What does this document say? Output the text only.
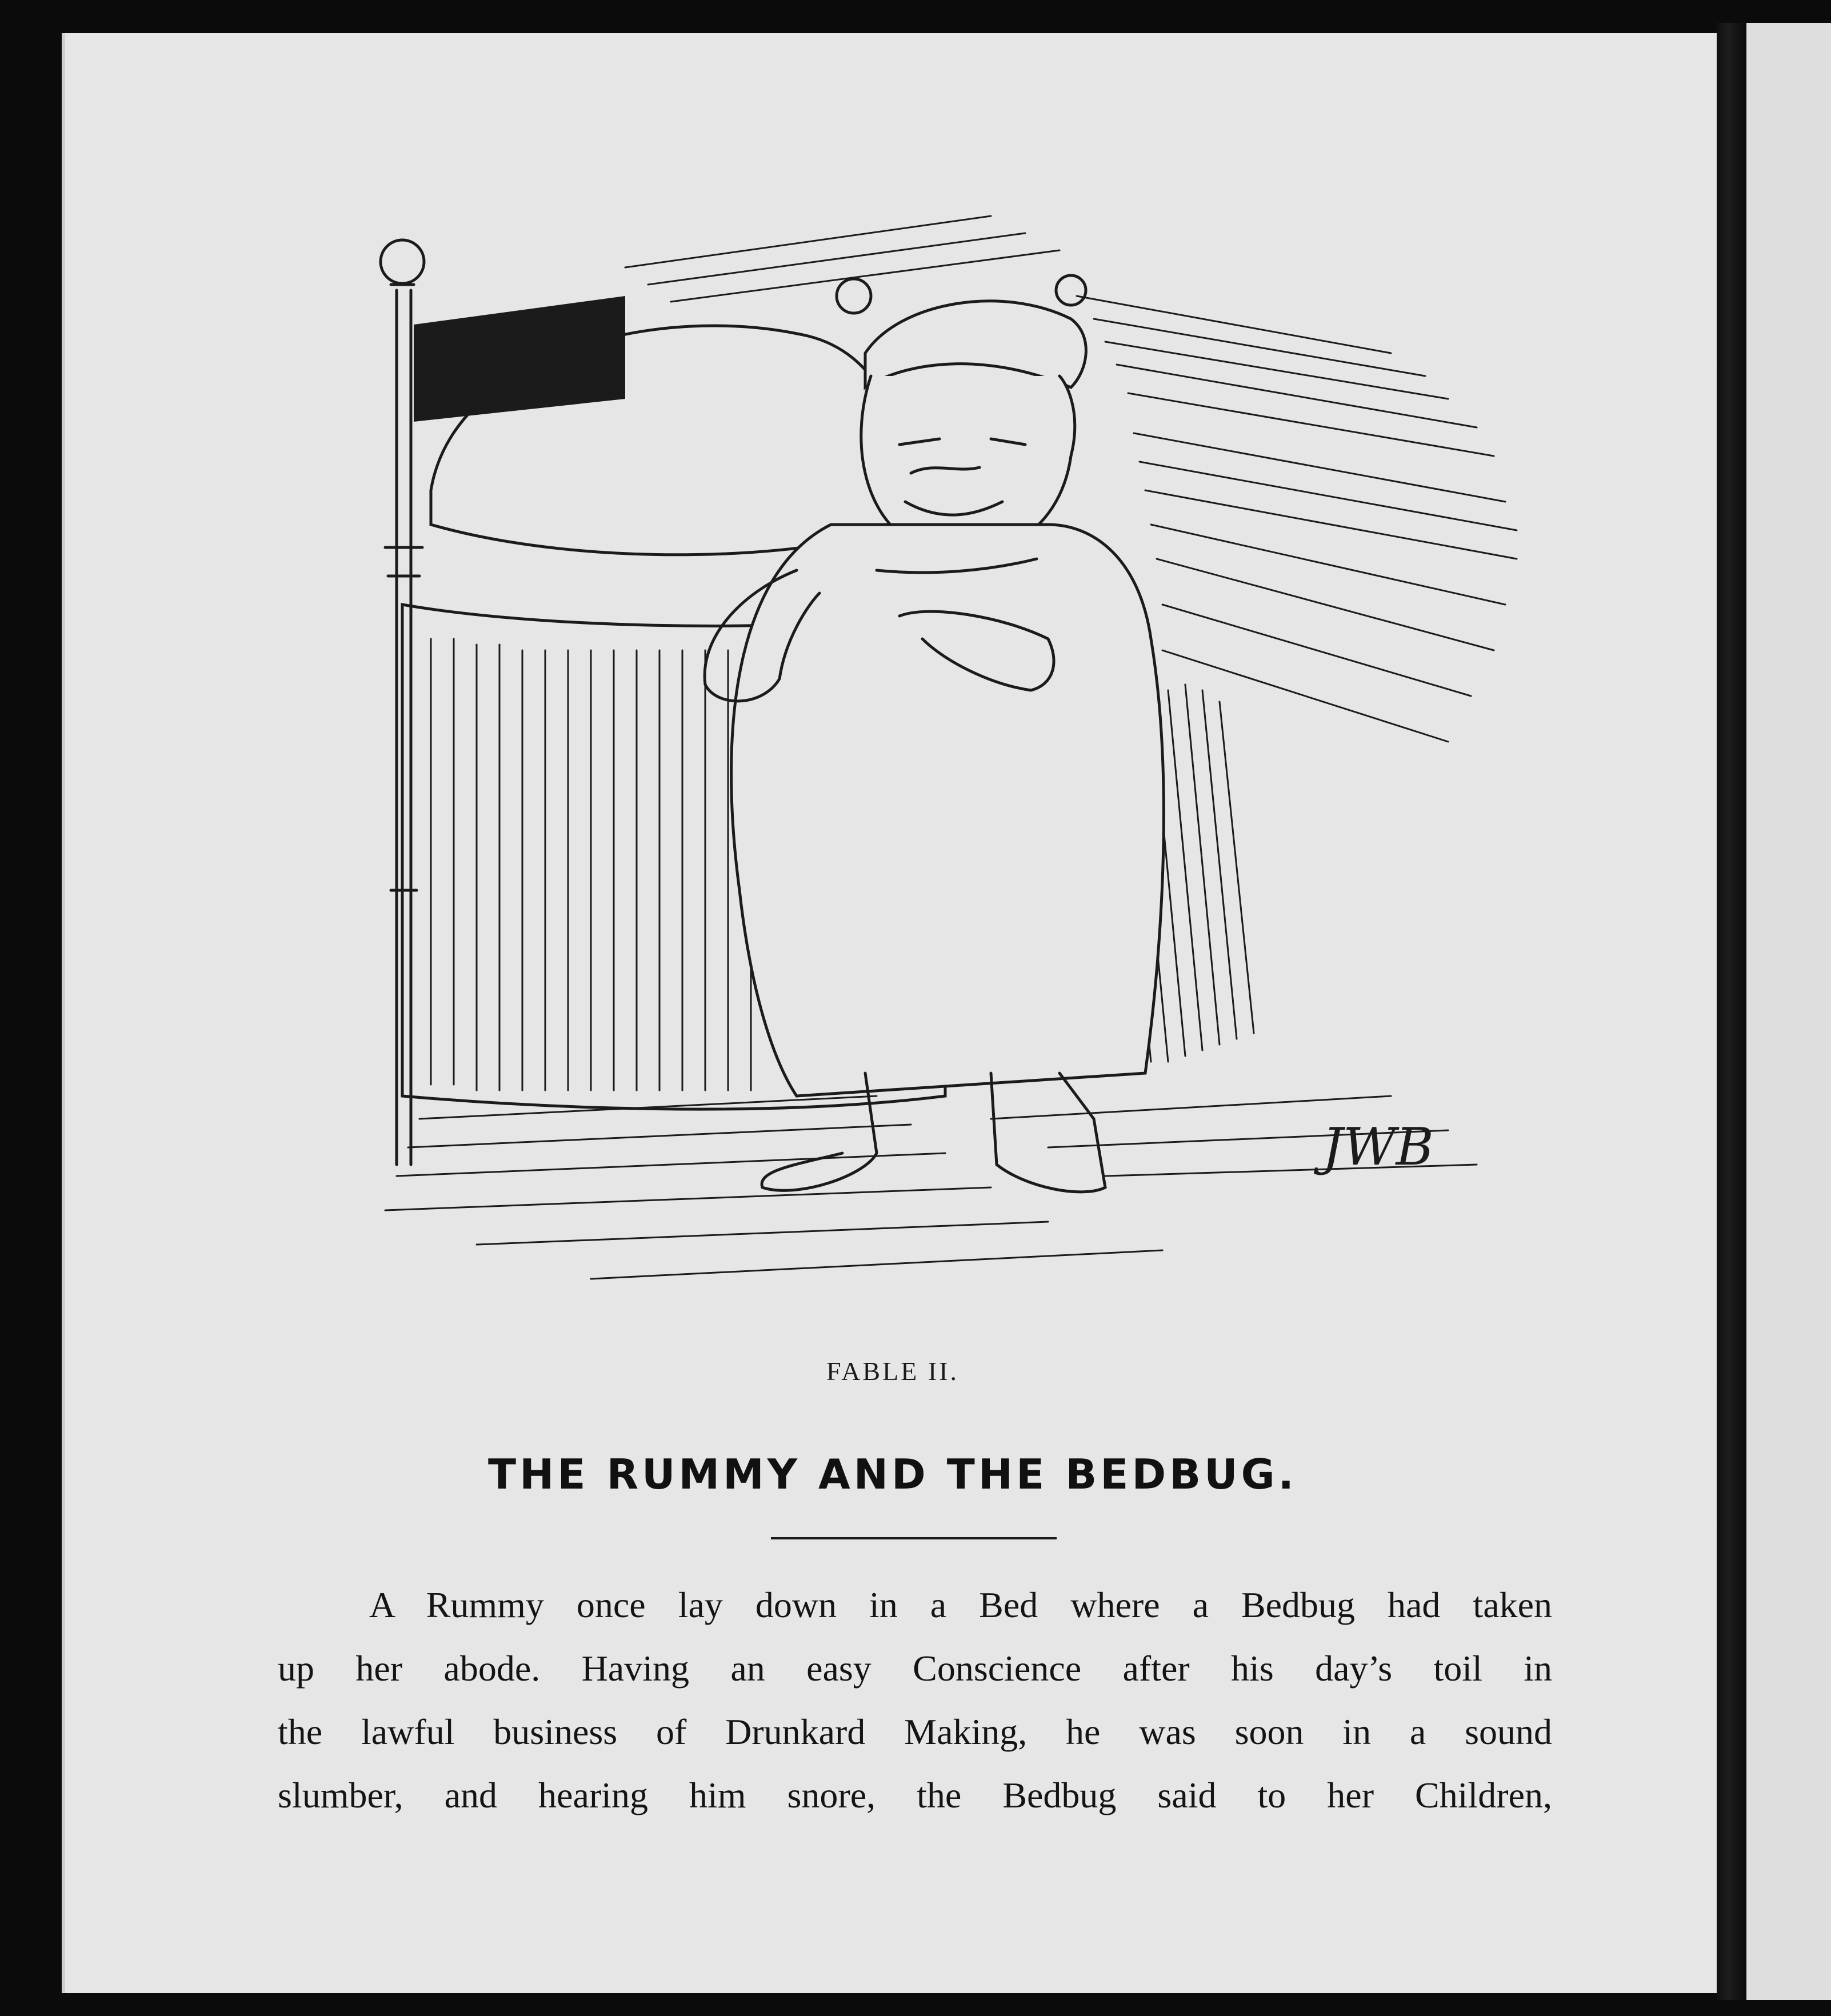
JWB
FABLE II.
THE RUMMY AND THE BEDBUG.
A Rummy once lay down in a Bed where a Bedbug had taken
up her abode. Having an easy Conscience after his day’s toil in
the lawful business of Drunkard Making, he was soon in a sound
slumber, and hearing him snore, the Bedbug said to her Children,
